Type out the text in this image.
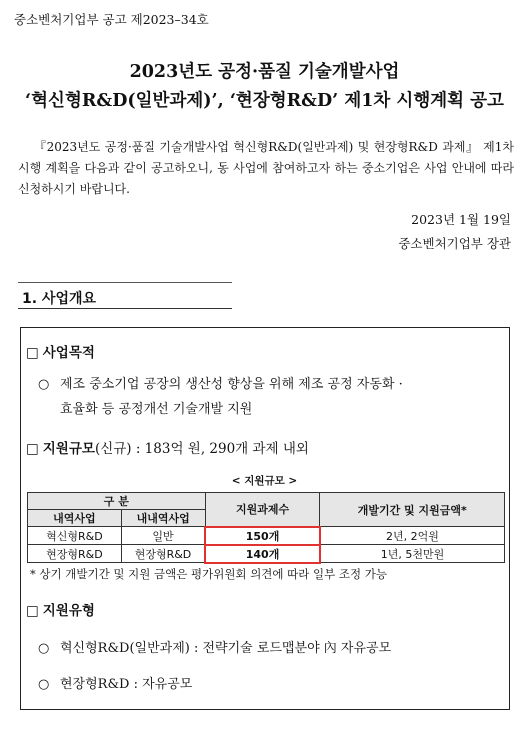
중소벤처기업부 공고 제2023–34호
2023년도 공정·품질 기술개발사업
‘혁신형R&D(일반과제)’, ‘현장형R&D’ 제1차 시행계획 공고

『2023년도 공정·품질 기술개발사업 혁신형R&D(일반과제) 및 현장형R&D 과제』 제1차 시행 계획을 다음과 같이 공고하오니, 동 사업에 참여하고자 하는 중소기업은 사업 안내에 따라 신청하시기 바랍니다.

2023년 1월 19일
중소벤처기업부 장관
1. 사업개요
□ 사업목적
○ 제조 중소기업 공장의 생산성 향상을 위해 제조 공정 자동화 ·
효율화 등 공정개선 기술개발 지원
□ 지원규모(신규) : 183억 원, 290개 과제 내외
< 지원규모 >
구 분		지원과제수	개발기간 및 지원금액*
내역사업	내내역사업		
혁신형R&D	일반	150개	2년, 2억원
현장형R&D	현장형R&D	140개	1년, 5천만원
* 상기 개발기간 및 지원 금액은 평가위원회 의견에 따라 일부 조정 가능
□ 지원유형
○ 혁신형R&D(일반과제) : 전략기술 로드맵분야 內 자유공모
○ 현장형R&D : 자유공모
